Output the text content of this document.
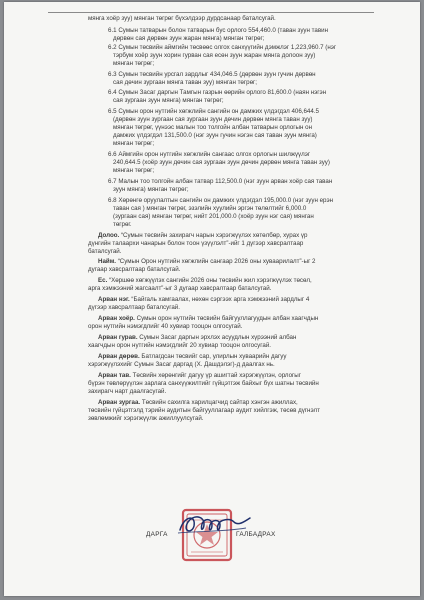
мянга хоёр зуу) мянган төгрөг бүхэлдээр дурдсанаар баталсугай.

6.1 Сумын татварын болон татварын бус орлого 554,460.0 (таван зуун тавин

дөрвөн сая дөрвөн зуун жаран мянга) мянган төгрөг;

6.2 Сумын төсвийн аймгийн төсвөөс олгох санхүүгийн дэмжлэг 1,223,960.7 (нэг

тэрбум хоёр зуун хорин гурван сая есөн зуун жаран мянга долоон зуу)

мянган төгрөг;

6.3 Сумын төсвийн урсгал зардлыг 434,046.5 (дөрвөн зуун гучин дөрвөн

сая дөчин зургаан мянга таван зуу) мянган төгрөг;

6.4 Сумын Засаг даргын Тамгын газрын өөрийн орлого 81,600.0 (наян нэгэн

сая зургаан зуун мянга) мянган төгрөг;

6.5 Сумын орон нутгийн хөгжлийн сангийн он дамжих үлдэгдэл 406,644.5

(дөрвөн зуун зургаан сая зургаан зуун дөчин дөрвөн мянга таван зуу)

мянган төгрөг, үүнээс малын тоо толгойн албан татварын орлогын он

дамжих үлдэгдэл 131,500.0 (нэг зуун гучин нэгэн сая таван зуун мянга)

мянган төгрөг;

6.6 Аймгийн орон нутгийн хөгжлийн сангаас олгох орлогын шилжүүлэг

240,644.5 (хоёр зуун дөчин сая зургаан зуун дөчин дөрвөн мянга таван зуу)

мянган төгрөг;

6.7 Малын тоо толгойн албан татвар 112,500.0 (нэг зуун арван хоёр сая таван

зуун мянга) мянган төгрөг;

6.8 Хөрөнгө оруулалтын сангийн он дамжих үлдэгдэл 195,000.0 (нэг зуун ерэн

таван сая ) мянган төгрөг, эзэлийн хуулийн эргэн төлөлтийг 6,000.0

(зургаан сая) мянган төгрөг, нийт 201,000.0 (хоёр зуун нэг сая) мянган

төгрөг.

Долоо. “Сумын төсвийн захирагч нарын хэрэгжүүлэх хөтөлбөр, хурах үр

дүнгийн талаархи чанарын болон тоон үзүүлэлт”-ийг 1 дүгээр хавсралтаар

баталсугай.

Найм. “Сумын Орон нутгийн хөгжлийн сангаар 2026 оны хуваарилалт”-ыг 2

дугаар хавсралтаар баталсугай.

Ес. “Хөршөө хөгжүүлэх сангийн 2026 оны төсвийн жил хэрэгжүүлэх төсөл,

арга хэмжээний жагсаалт”-ыг 3 дугаар хавсралтаар баталсугай.

Арван нэг. “Байгаль хамгаалах, нөхөн сэргээх арга хэмжээний зардлыг 4

дүгээр хавсралтаар баталсугай.

Арван хоёр. Сумын орон нутгийн төсвийн байгууллагуудын албан хаагчдын

орон нутгийн нэмэгдлийг 40 хувиар тооцон олгосугай.

Арван гурав. Сумын Засаг даргын эрхлэх асуудлын хүрээний албан

хаагчдын орон нутгийн нэмэгдлийг 20 хувиар тооцон олгосугай.

Арван дөрөв. Батлагдсан төсвийг сар, улирлын хуваарийн дагуу

хэрэгжүүлэхийг Сумын Засаг даргад (Х. Дашдэлэг)-д даалгах нь.

Арван тав. Төсвийн хөрөнгийг дагуу үр ашигтай хэрэгжүүлэн, орлогыг

бүрэн төвлөрүүлэн зарлага санхүүжилтийг гүйцэтгэж байхыг бүх шатны төсвийн

захирагч нарт даалгасугай.

Арван зургаа. Төсвийн сахилга харилцагчид сайтар хэнгэн ажиллах,

төсвийн гүйцэтгэлд тэрийн аудитын байгууллагаар аудит хийлгэж, төсөв дүгнэлт

зөвлөмжийг хэрэгжүүлж ажиллуулсугай.

ДАРГА	ГАЛБАДРАХ
